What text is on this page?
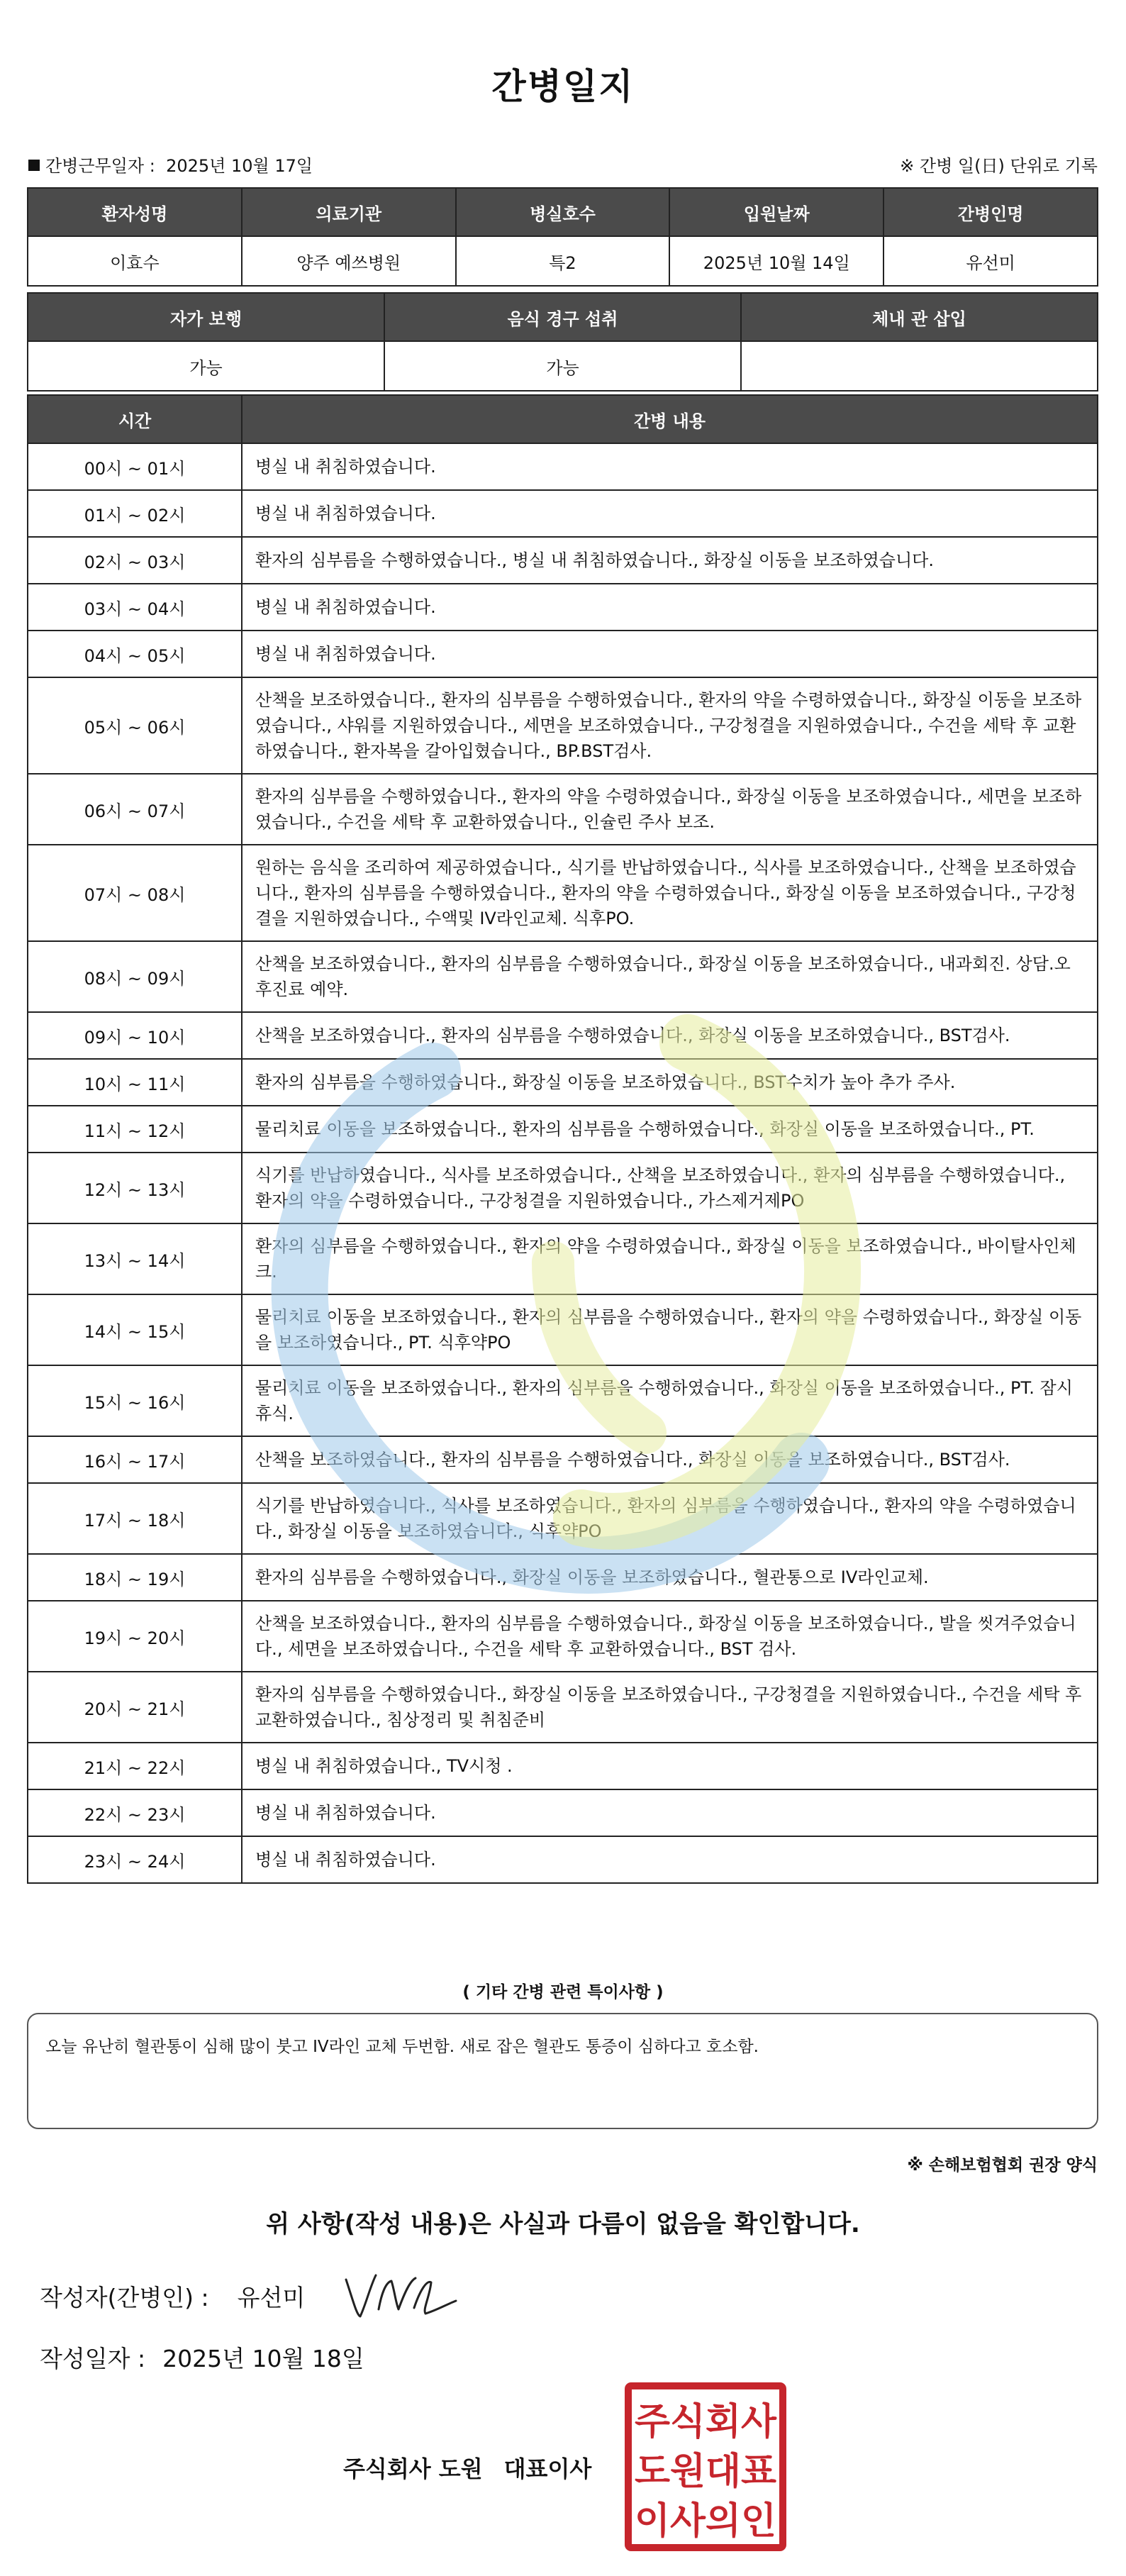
간병일지
간병근무일자 : 2025년 10월 17일	※ 간병 일(日) 단위로 기록
환자성명	의료기관	병실호수	입원날짜	간병인명
이효수	양주 예쓰병원	특2	2025년 10월 14일	유선미
자가 보행	음식 경구 섭취	체내 관 삽입
가능	가능	
시간	간병 내용
00시 ~ 01시	병실 내 취침하였습니다.
01시 ~ 02시	병실 내 취침하였습니다.
02시 ~ 03시	환자의 심부름을 수행하였습니다., 병실 내 취침하였습니다., 화장실 이동을 보조하였습니다.
03시 ~ 04시	병실 내 취침하였습니다.
04시 ~ 05시	병실 내 취침하였습니다.
05시 ~ 06시	산책을 보조하였습니다., 환자의 심부름을 수행하였습니다., 환자의 약을 수령하였습니다., 화장실 이동을 보조하였습니다., 샤워를 지원하였습니다., 세면을 보조하였습니다., 구강청결을 지원하였습니다., 수건을 세탁 후 교환하였습니다., 환자복을 갈아입혔습니다., BP.BST검사.
06시 ~ 07시	환자의 심부름을 수행하였습니다., 환자의 약을 수령하였습니다., 화장실 이동을 보조하였습니다., 세면을 보조하였습니다., 수건을 세탁 후 교환하였습니다., 인슐린 주사 보조.
07시 ~ 08시	원하는 음식을 조리하여 제공하였습니다., 식기를 반납하였습니다., 식사를 보조하였습니다., 산책을 보조하였습니다., 환자의 심부름을 수행하였습니다., 환자의 약을 수령하였습니다., 화장실 이동을 보조하였습니다., 구강청결을 지원하였습니다., 수액및 IV라인교체. 식후PO.
08시 ~ 09시	산책을 보조하였습니다., 환자의 심부름을 수행하였습니다., 화장실 이동을 보조하였습니다., 내과회진. 상담.오후진료 예약.
09시 ~ 10시	산책을 보조하였습니다., 환자의 심부름을 수행하였습니다., 화장실 이동을 보조하였습니다., BST검사.
10시 ~ 11시	환자의 심부름을 수행하였습니다., 화장실 이동을 보조하였습니다., BST수치가 높아 추가 주사.
11시 ~ 12시	물리치료 이동을 보조하였습니다., 환자의 심부름을 수행하였습니다., 화장실 이동을 보조하였습니다., PT.
12시 ~ 13시	식기를 반납하였습니다., 식사를 보조하였습니다., 산책을 보조하였습니다., 환자의 심부름을 수행하였습니다., 환자의 약을 수령하였습니다., 구강청결을 지원하였습니다., 가스제거제PO
13시 ~ 14시	환자의 심부름을 수행하였습니다., 환자의 약을 수령하였습니다., 화장실 이동을 보조하였습니다., 바이탈사인체크.
14시 ~ 15시	물리치료 이동을 보조하였습니다., 환자의 심부름을 수행하였습니다., 환자의 약을 수령하였습니다., 화장실 이동을 보조하였습니다., PT. 식후약PO
15시 ~ 16시	물리치료 이동을 보조하였습니다., 환자의 심부름을 수행하였습니다., 화장실 이동을 보조하였습니다., PT. 잠시휴식.
16시 ~ 17시	산책을 보조하였습니다., 환자의 심부름을 수행하였습니다., 화장실 이동을 보조하였습니다., BST검사.
17시 ~ 18시	식기를 반납하였습니다., 식사를 보조하였습니다., 환자의 심부름을 수행하였습니다., 환자의 약을 수령하였습니다., 화장실 이동을 보조하였습니다., 식후약PO
18시 ~ 19시	환자의 심부름을 수행하였습니다., 화장실 이동을 보조하였습니다., 혈관통으로 IV라인교체.
19시 ~ 20시	산책을 보조하였습니다., 환자의 심부름을 수행하였습니다., 화장실 이동을 보조하였습니다., 발을 씻겨주었습니다., 세면을 보조하였습니다., 수건을 세탁 후 교환하였습니다., BST 검사.
20시 ~ 21시	환자의 심부름을 수행하였습니다., 화장실 이동을 보조하였습니다., 구강청결을 지원하였습니다., 수건을 세탁 후 교환하였습니다., 침상정리 및 취침준비
21시 ~ 22시	병실 내 취침하였습니다., TV시청 .
22시 ~ 23시	병실 내 취침하였습니다.
23시 ~ 24시	병실 내 취침하였습니다.
( 기타 간병 관련 특이사항 )
오늘 유난히 혈관통이 심해 많이 붓고 IV라인 교체 두번함. 새로 잡은 혈관도 통증이 심하다고 호소함.
※ 손해보험협회 권장 양식
위 사항(작성 내용)은 사실과 다름이 없음을 확인합니다.
작성자(간병인) : 유선미
작성일자 : 2025년 10월 18일
주식회사 도원 대표이사
주식회사
도원대표
이사의인
